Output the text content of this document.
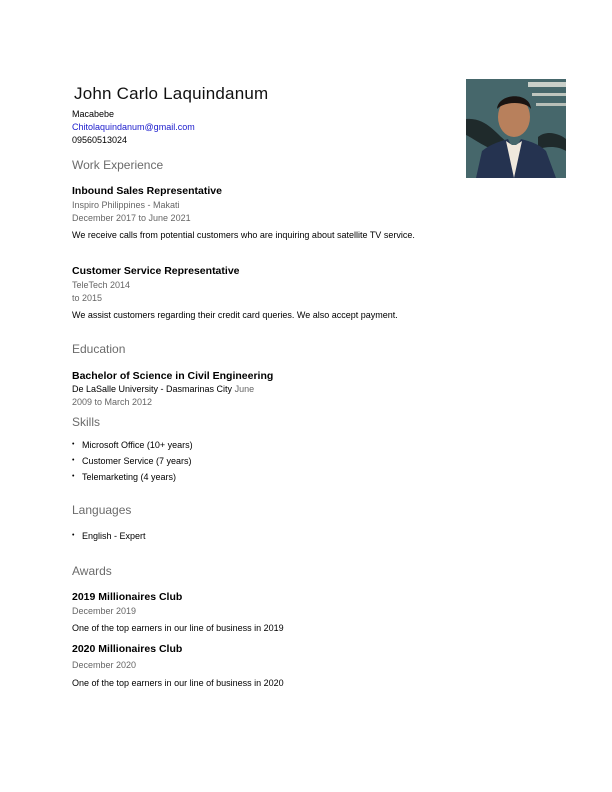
John Carlo Laquindanum
Macabebe
Chitolaquindanum@gmail.com
09560513024
Work Experience
Inbound Sales Representative
Inspiro Philippines - Makati
December 2017 to June 2021
We receive calls from potential customers who are inquiring about satellite TV service.
Customer Service Representative
TeleTech 2014
to 2015
We assist customers regarding their credit card queries. We also accept payment.
Education
Bachelor of Science in Civil Engineering
De LaSalle University - Dasmarinas City June
2009 to March 2012
Skills
• Microsoft Office (10+ years)
• Customer Service (7 years)
• Telemarketing (4 years)
Languages
• English - Expert
Awards
2019 Millionaires Club
December 2019
One of the top earners in our line of business in 2019
2020 Millionaires Club
December 2020
One of the top earners in our line of business in 2020
